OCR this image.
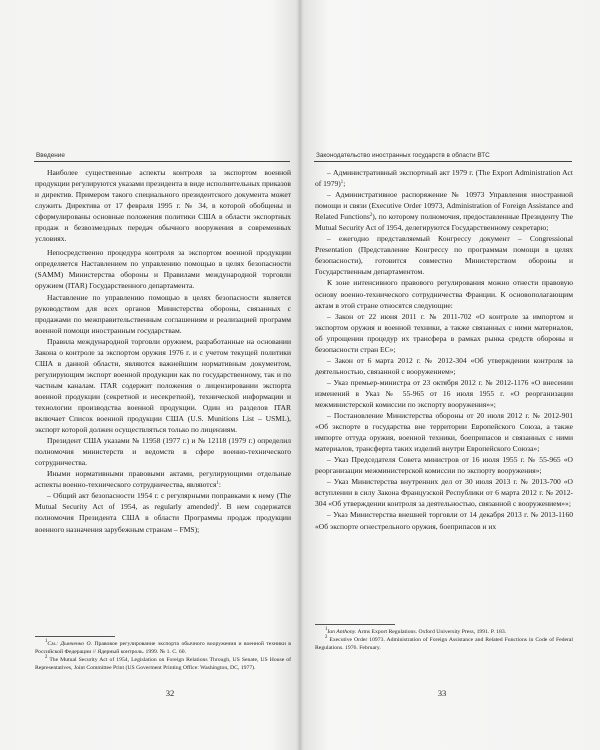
Введение

Наиболее существенные аспекты контроля за экспортом военной продукции регулируются указами президента в виде исполнительных приказов и директив. Примером такого специального президентского документа может служить Директива от 17 февраля 1995 г. № 34, в которой обобщены и сформулированы основные положения политики США в области экспортных продаж и безвозмездных передач обычного вооружения в современных условиях.

Непосредственно процедура контроля за экспортом военной продукции определяется Наставлением по управлению помощью в целях безопасности (SAMM) Министерства обороны и Правилами международной торговли оружием (ITAR) Государственного департамента.

Наставление по управлению помощью в целях безопасности является руководством для всех органов Министерства обороны, связанных с продажами по межправительственным соглашениям и реализацией программ военной помощи иностранным государствам.

Правила международной торговли оружием, разработанные на основании Закона о контроле за экспортом оружия 1976 г. и с учетом текущей политики США в данной области, являются важнейшим нормативным документом, регулирующим экспорт военной продукции как по государственному, так и по частным каналам. ITAR содержит положения о лицензировании экспорта военной продукции (секретной и несекретной), технической информации и технологии производства военной продукции. Один из разделов ITAR включает Список военной продукции США (U.S. Munitions List – USML), экспорт которой должен осуществляться только по лицензиям.

Президент США указами № 11958 (1977 г.) и № 12118 (1979 г.) определил полномочия министерств и ведомств в сфере военно-технического сотрудничества.

Иными нормативными правовыми актами, регулирующими отдельные аспекты военно-технического сотрудничества, являются$^1$:

– Общий акт безопасности 1954 г. с регулярными поправками к нему (The Mutual Security Act of 1954, as regularly amended)$^2$. В нем содержатся полномочия Президента США в области Программы продаж продукции военного назначения зарубежным странам – FMS);

$^1$См.: Дынченко О. Правовое регулирование экспорта обычного вооружения и военной техники в Российской Федерации // Ядерный контроль. 1999. № 1. С. 60.

$^2$ The Mutual Security Act of 1954, Legislation on Foreign Relations Through, US Senate, US House of Representatives, Joint Committee Print (US Goverment Printing Office: Washington, DC, 1977).

32
Законодательство иностранных государств в области ВТС

– Административный экспортный акт 1979 г. (The Export Administration Act of 1979)$^1$;

– Административное распоряжение № 10973 Управления иностранной помощи и связи (Executive Order 10973, Administration of Foreign Assistance and Related Functions$^2$), по которому полномочия, предоставленные Президенту The Mutual Security Act of 1954, делегируются Государственному секретарю;

– ежегодно представляемый Конгрессу документ – Congressional Presentation (Представление Конгрессу по программам помощи в целях безопасности), готовится совместно Министерством обороны и Государственным департаментом.

К зоне интенсивного правового регулирования можно отнести правовую основу военно-технического сотрудничества Франции. К основополагающим актам в этой стране относятся следующие:

– Закон от 22 июня 2011 г. № 2011-702 «О контроле за импортом и экспортом оружия и военной техники, а также связанных с ними материалов, об упрощении процедур их трансфера в рамках рынка средств обороны и безопасности стран ЕС»;

– Закон от 6 марта 2012 г. № 2012-304 «Об утверждении контроля за деятельностью, связанной с вооружением»;

– Указ премьер-министра от 23 октября 2012 г. № 2012-1176 «О внесении изменений в Указ № 55-965 от 16 июля 1955 г. «О реорганизации межминистерской комиссии по экспорту вооружения»»;

– Постановление Министерства обороны от 20 июля 2012 г. № 2012-901 «Об экспорте в государства вне территории Европейского Союза, а также импорте оттуда оружия, военной техники, боеприпасов и связанных с ними материалов, трансферта таких изделий внутри Европейского Союза»;

– Указ Председателя Совета министров от 16 июля 1955 г. № 55-965 «О реорганизации межминистерской комиссии по экспорту вооружения»;

– Указ Министерства внутренних дел от 30 июля 2013 г. № 2013-700 «О вступлении в силу Закона Французской Республики от 6 марта 2012 г. № 2012-304 «Об утверждении контроля за деятельностью, связанной с вооружением»»;

– Указ Министерства внешней торговли от 14 декабря 2013 г. № 2013-1160 «Об экспорте огнестрельного оружия, боеприпасов и их

$^1$Ian Anthony. Arms Export Regulations. Oxford University Press, 1991. P. 183.

$^2$ Executive Order 10973. Administration of Foreign Assistance and Related Functions in Code of Federal Regulations. 1976. February.

33
